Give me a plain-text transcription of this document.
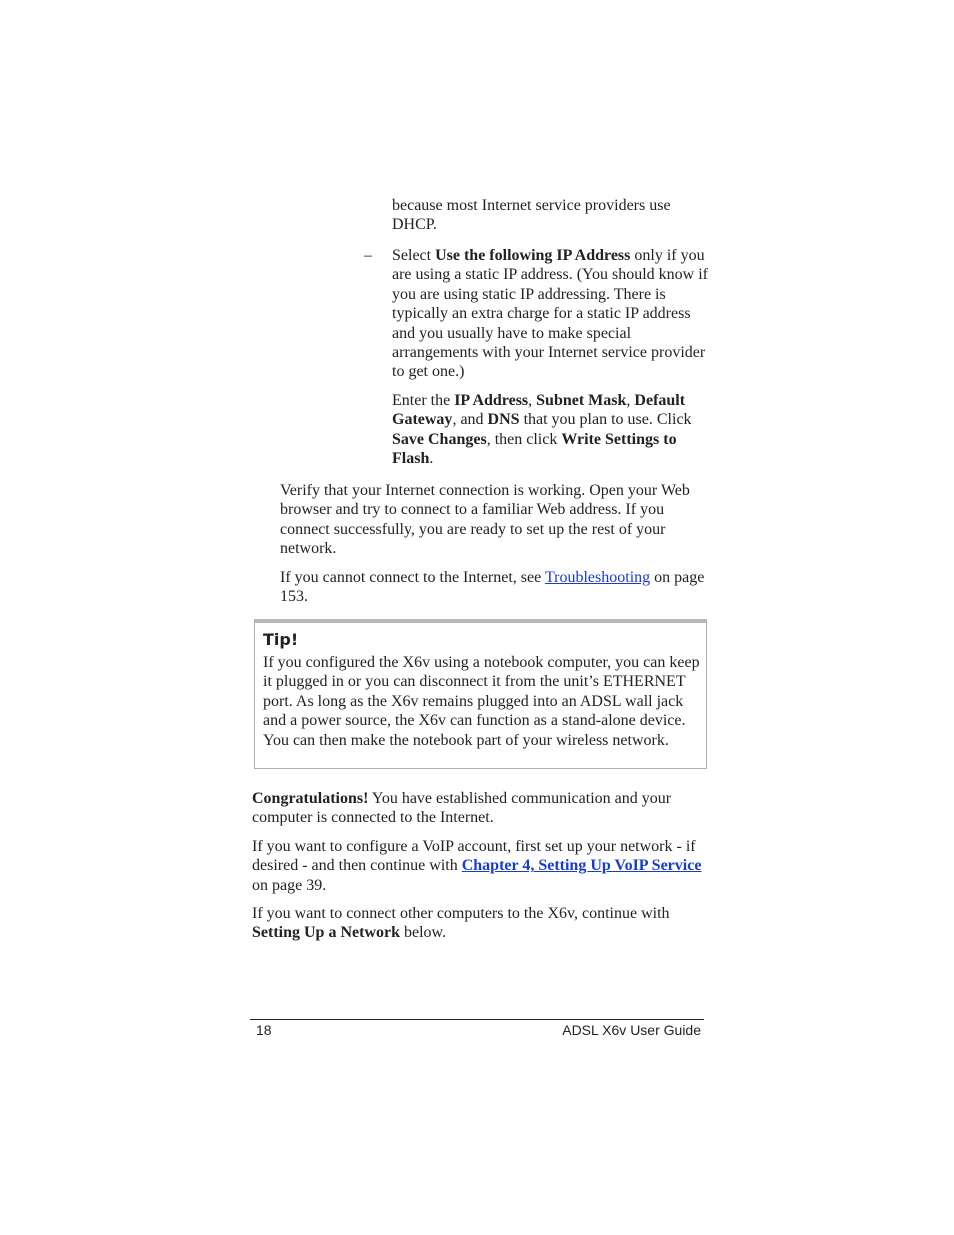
because most Internet service providers use DHCP.

– Select Use the following IP Address only if you are using a static IP address. (You should know if you are using static IP addressing. There is typically an extra charge for a static IP address and you usually have to make special arrangements with your Internet service provider to get one.)

Enter the IP Address, Subnet Mask, Default Gateway, and DNS that you plan to use. Click Save Changes, then click Write Settings to Flash.

Verify that your Internet connection is working. Open your Web browser and try to connect to a familiar Web address. If you connect successfully, you are ready to set up the rest of your network.

If you cannot connect to the Internet, see Troubleshooting on page 153.

Tip!

If you configured the X6v using a notebook computer, you can keep it plugged in or you can disconnect it from the unit’s ETHERNET port. As long as the X6v remains plugged into an ADSL wall jack and a power source, the X6v can function as a stand-alone device. You can then make the notebook part of your wireless network.

Congratulations! You have established communication and your computer is connected to the Internet.

If you want to configure a VoIP account, first set up your network - if desired - and then continue with Chapter 4, Setting Up VoIP Service on page 39.

If you want to connect other computers to the X6v, continue with Setting Up a Network below.

18	ADSL X6v User Guide
